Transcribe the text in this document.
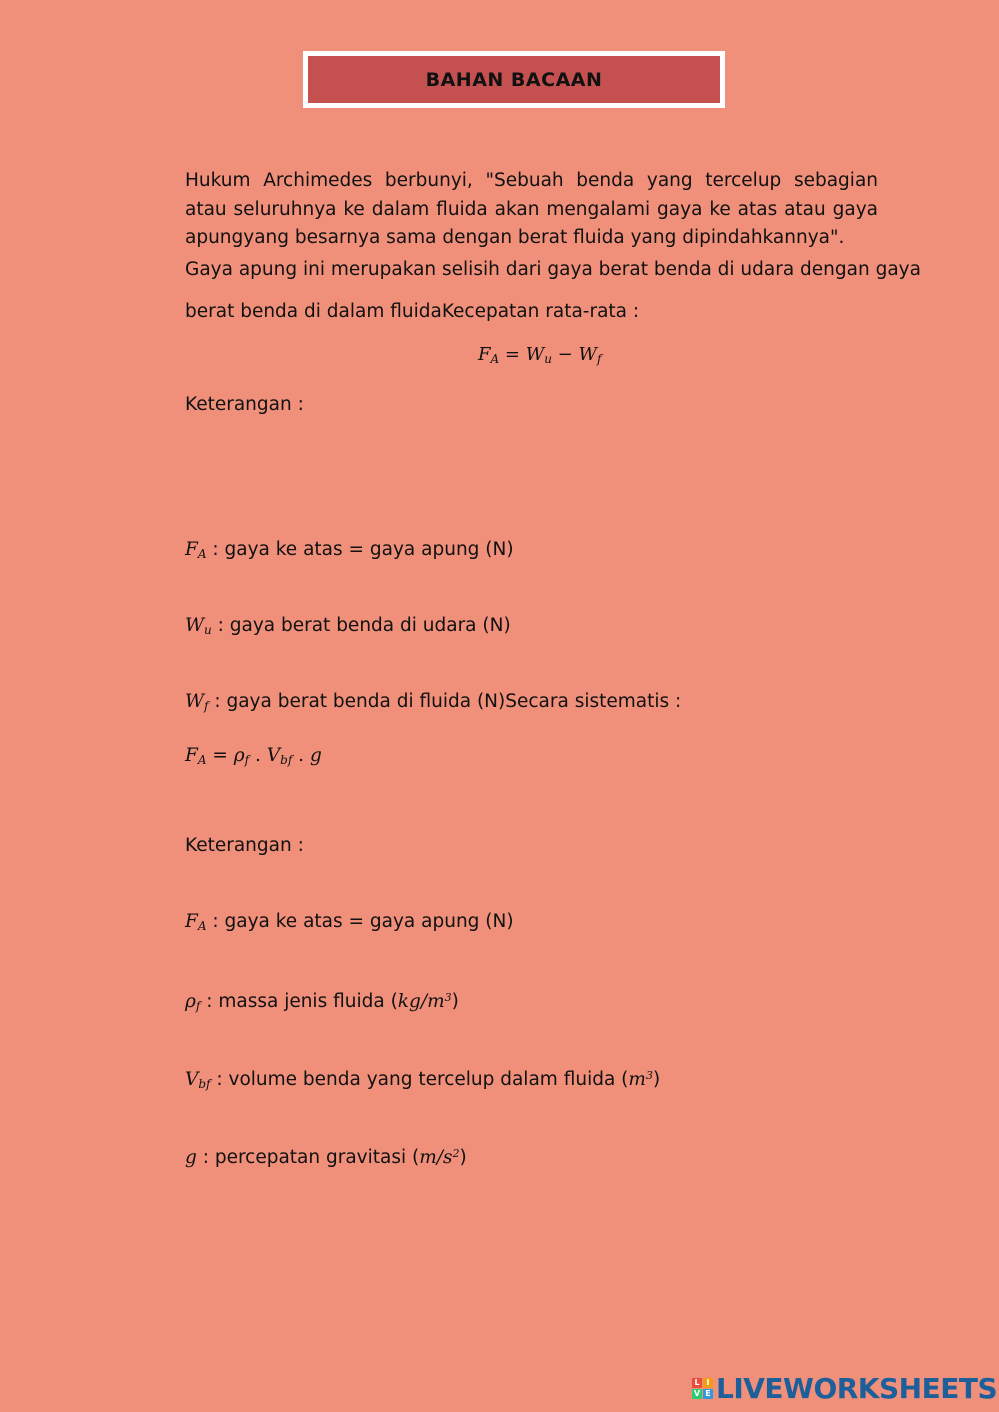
BAHAN BACAAN
Hukum Archimedes berbunyi, "Sebuah benda yang tercelup sebagian atau seluruhnya ke dalam fluida akan mengalami gaya ke atas atau gaya apungyang besarnya sama dengan berat fluida yang dipindahkannya".
Gaya apung ini merupakan selisih dari gaya berat benda di udara dengan gaya
berat benda di dalam fluidaKecepatan rata-rata :
$F_A = W_u - W_f$
Keterangan :
$F_A$ : gaya ke atas = gaya apung (N)
$W_u$ : gaya berat benda di udara (N)
$W_f$ : gaya berat benda di fluida (N)Secara sistematis :
$F_A = \rho_f$ . $V_{bf}$ . g
Keterangan :
$F_A$ : gaya ke atas = gaya apung (N)
$\rho_f$ : massa jenis fluida $(kg/m^3)$
$V_{bf}$ : volume benda yang tercelup dalam fluida $(m^3)$
g : percepatan gravitasi $(m/s^2)$
L I
V E LIVEWORKSHEETS
